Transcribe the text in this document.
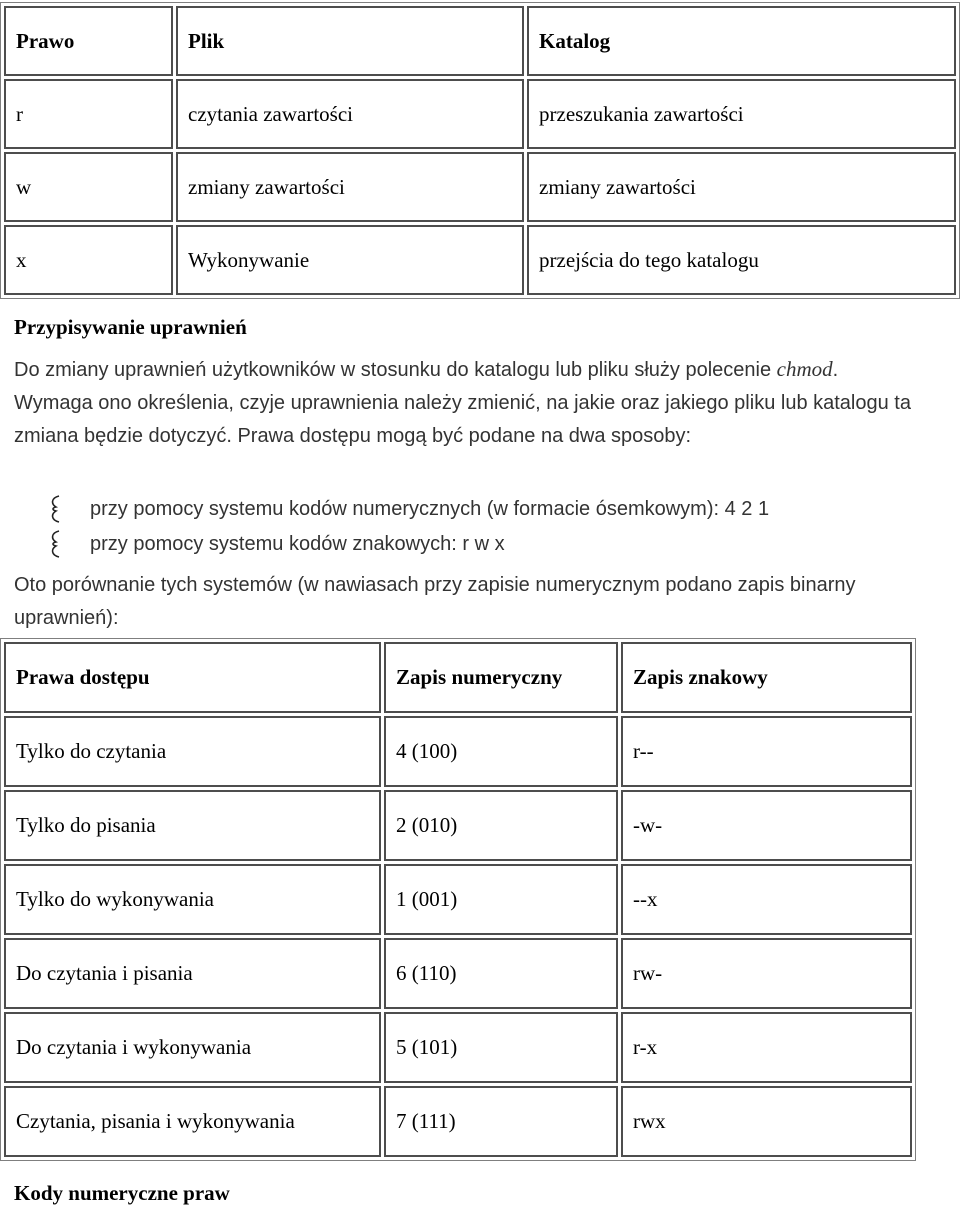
Prawo	Plik	Katalog
r	czytania zawartości	przeszukania zawartości
w	zmiany zawartości	zmiany zawartości
x	Wykonywanie	przejścia do tego katalogu
Przypisywanie uprawnień
Do zmiany uprawnień użytkowników w stosunku do katalogu lub pliku służy polecenie chmod. Wymaga ono określenia, czyje uprawnienia należy zmienić, na jakie oraz jakiego pliku lub katalogu ta zmiana będzie dotyczyć. Prawa dostępu mogą być podane na dwa sposoby:
przy pomocy systemu kodów numerycznych (w formacie ósemkowym): 4 2 1
przy pomocy systemu kodów znakowych: r w x
Oto porównanie tych systemów (w nawiasach przy zapisie numerycznym podano zapis binarny uprawnień):
Prawa dostępu	Zapis numeryczny	Zapis znakowy
Tylko do czytania	4 (100)	r--
Tylko do pisania	2 (010)	-w-
Tylko do wykonywania	1 (001)	--x
Do czytania i pisania	6 (110)	rw-
Do czytania i wykonywania	5 (101)	r-x
Czytania, pisania i wykonywania	7 (111)	rwx
Kody numeryczne praw
